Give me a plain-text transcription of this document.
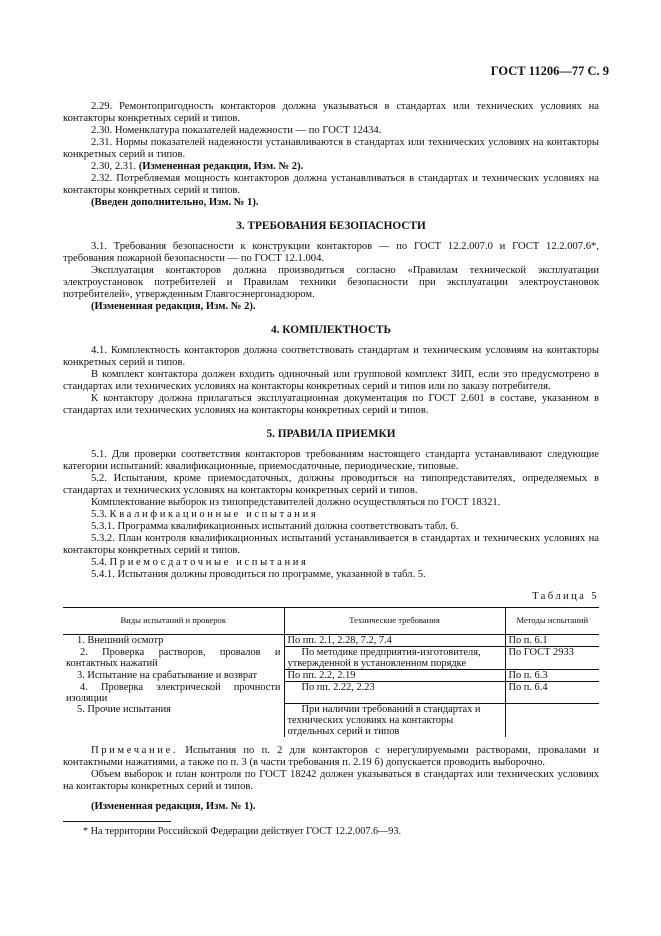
ГОСТ 11206—77 С. 9

2.29. Ремонтопригодность контакторов должна указываться в стандартах или технических условиях на контакторы конкретных серий и типов.

2.30. Номенклатура показателей надежности — по ГОСТ 12434.

2.31. Нормы показателей надежности устанавливаются в стандартах или технических условиях на контакторы конкретных серий и типов.

2.30, 2.31. (Измененная редакция, Изм. № 2).

2.32. Потребляемая мощность контакторов должна устанавливаться в стандартах и технических условиях на контакторы конкретных серий и типов.

(Введен дополнительно, Изм. № 1).

3. ТРЕБОВАНИЯ БЕЗОПАСНОСТИ

3.1. Требования безопасности к конструкции контакторов — по ГОСТ 12.2.007.0 и ГОСТ 12.2.007.6*, требования пожарной безопасности — по ГОСТ 12.1.004.

Эксплуатация контакторов должна производиться согласно «Правилам технической эксплуатации электроустановок потребителей и Правилам техники безопасности при эксплуатации электроустановок потребителей», утвержденным Главгосэнергонадзором.

(Измененная редакция, Изм. № 2).

4. КОМПЛЕКТНОСТЬ

4.1. Комплектность контакторов должна соответствовать стандартам и техническим условиям на контакторы конкретных серий и типов.

В комплект контактора должен входить одиночный или групповой комплект ЗИП, если это предусмотрено в стандартах или технических условиях на контакторы конкретных серий и типов или по заказу потребителя.

К контактору должна прилагаться эксплуатационная документация по ГОСТ 2.601 в составе, указанном в стандартах или технических условиях на контакторы конкретных серий и типов.

5. ПРАВИЛА ПРИЕМКИ

5.1. Для проверки соответствия контакторов требованиям настоящего стандарта устанавливают следующие категории испытаний: квалификационные, приемосдаточные, периодические, типовые.

5.2. Испытания, кроме приемосдаточных, должны проводиться на типопредставителях, определяемых в стандартах и технических условиях на контакторы конкретных серий и типов.

Комплектование выборок из типопредставителей должно осуществляться по ГОСТ 18321.

5.3. Квалификационные испытания

5.3.1. Программа квалификационных испытаний должна соответствовать табл. 6.

5.3.2. План контроля квалификационных испытаний устанавливается в стандартах и технических условиях на контакторы конкретных серий и типов.

5.4. Приемосдаточные испытания

5.4.1. Испытания должны проводиться по программе, указанной в табл. 5.

Таблица 5
Виды испытаний и проверок	Технические требования	Методы испытаний
1. Внешний осмотр	По пп. 2.1, 2.28, 7.2, 7.4	По п. 6.1
2. Проверка растворов, провалов и контактных нажатий	По методике предприятия-изготовителя, утвержденной в установленном порядке	По ГОСТ 2933
3. Испытание на срабатывание и возврат	По пп. 2.2, 2.19	По п. 6.3
4. Проверка электрической прочности изоляции	По пп. 2.22, 2.23	По п. 6.4
5. Прочие испытания	При наличии требований в стандартах и технических условиях на контакторы отдельных серий и типов	

Примечание. Испытания по п. 2 для контакторов с нерегулируемыми растворами, провалами и контактными нажатиями, а также по п. 3 (в части требования п. 2.19 б) допускается проводить выборочно.

Объем выборок и план контроля по ГОСТ 18242 должен указываться в стандартах или технических условиях на контакторы конкретных серий и типов.

(Измененная редакция, Изм. № 1).

* На территории Российской Федерации действует ГОСТ 12.2.007.6—93.
